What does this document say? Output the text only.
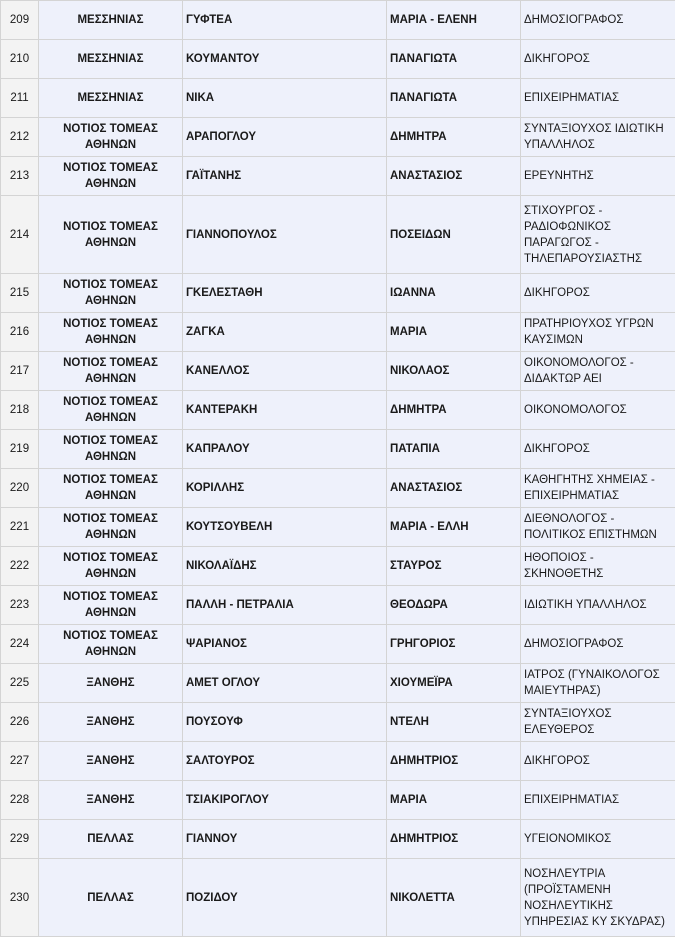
209	ΜΕΣΣΗΝΙΑΣ	ΓΥΦΤΕΑ	ΜΑΡΙΑ - ΕΛΕΝΗ	ΔΗΜΟΣΙΟΓΡΑΦΟΣ
210	ΜΕΣΣΗΝΙΑΣ	ΚΟΥΜΑΝΤΟΥ	ΠΑΝΑΓΙΩΤΑ	ΔΙΚΗΓΟΡΟΣ
211	ΜΕΣΣΗΝΙΑΣ	ΝΙΚΑ	ΠΑΝΑΓΙΩΤΑ	ΕΠΙΧΕΙΡΗΜΑΤΙΑΣ
212	ΝΟΤΙΟΣ ΤΟΜΕΑΣ ΑΘΗΝΩΝ	ΑΡΑΠΟΓΛΟΥ	ΔΗΜΗΤΡΑ	ΣΥΝΤΑΞΙΟΥΧΟΣ ΙΔΙΩΤΙΚΗ ΥΠΑΛΛΗΛΟΣ
213	ΝΟΤΙΟΣ ΤΟΜΕΑΣ ΑΘΗΝΩΝ	ΓΑΪΤΑΝΗΣ	ΑΝΑΣΤΑΣΙΟΣ	ΕΡΕΥΝΗΤΗΣ
214	ΝΟΤΙΟΣ ΤΟΜΕΑΣ ΑΘΗΝΩΝ	ΓΙΑΝΝΟΠΟΥΛΟΣ	ΠΟΣΕΙΔΩΝ	ΣΤΙΧΟΥΡΓΟΣ - ΡΑΔΙΟΦΩΝΙΚΟΣ ΠΑΡΑΓΩΓΟΣ - ΤΗΛΕΠΑΡΟΥΣΙΑΣΤΗΣ
215	ΝΟΤΙΟΣ ΤΟΜΕΑΣ ΑΘΗΝΩΝ	ΓΚΕΛΕΣΤΑΘΗ	ΙΩΑΝΝΑ	ΔΙΚΗΓΟΡΟΣ
216	ΝΟΤΙΟΣ ΤΟΜΕΑΣ ΑΘΗΝΩΝ	ΖΑΓΚΑ	ΜΑΡΙΑ	ΠΡΑΤΗΡΙΟΥΧΟΣ ΥΓΡΩΝ ΚΑΥΣΙΜΩΝ
217	ΝΟΤΙΟΣ ΤΟΜΕΑΣ ΑΘΗΝΩΝ	ΚΑΝΕΛΛΟΣ	ΝΙΚΟΛΑΟΣ	ΟΙΚΟΝΟΜΟΛΟΓΟΣ - ΔΙΔΑΚΤΩΡ ΑΕΙ
218	ΝΟΤΙΟΣ ΤΟΜΕΑΣ ΑΘΗΝΩΝ	ΚΑΝΤΕΡΑΚΗ	ΔΗΜΗΤΡΑ	ΟΙΚΟΝΟΜΟΛΟΓΟΣ
219	ΝΟΤΙΟΣ ΤΟΜΕΑΣ ΑΘΗΝΩΝ	ΚΑΠΡΑΛΟΥ	ΠΑΤΑΠΙΑ	ΔΙΚΗΓΟΡΟΣ
220	ΝΟΤΙΟΣ ΤΟΜΕΑΣ ΑΘΗΝΩΝ	ΚΟΡΙΛΛΗΣ	ΑΝΑΣΤΑΣΙΟΣ	ΚΑΘΗΓΗΤΗΣ ΧΗΜΕΙΑΣ - ΕΠΙΧΕΙΡΗΜΑΤΙΑΣ
221	ΝΟΤΙΟΣ ΤΟΜΕΑΣ ΑΘΗΝΩΝ	ΚΟΥΤΣΟΥΒΕΛΗ	ΜΑΡΙΑ - ΕΛΛΗ	ΔΙΕΘΝΟΛΟΓΟΣ - ΠΟΛΙΤΙΚΟΣ ΕΠΙΣΤΗΜΩΝ
222	ΝΟΤΙΟΣ ΤΟΜΕΑΣ ΑΘΗΝΩΝ	ΝΙΚΟΛΑΪΔΗΣ	ΣΤΑΥΡΟΣ	ΗΘΟΠΟΙΟΣ - ΣΚΗΝΟΘΕΤΗΣ
223	ΝΟΤΙΟΣ ΤΟΜΕΑΣ ΑΘΗΝΩΝ	ΠΑΛΛΗ - ΠΕΤΡΑΛΙΑ	ΘΕΟΔΩΡΑ	ΙΔΙΩΤΙΚΗ ΥΠΑΛΛΗΛΟΣ
224	ΝΟΤΙΟΣ ΤΟΜΕΑΣ ΑΘΗΝΩΝ	ΨΑΡΙΑΝΟΣ	ΓΡΗΓΟΡΙΟΣ	ΔΗΜΟΣΙΟΓΡΑΦΟΣ
225	ΞΑΝΘΗΣ	ΑΜΕΤ ΟΓΛΟΥ	ΧΙΟΥΜΕΪΡΑ	ΙΑΤΡΟΣ (ΓΥΝΑΙΚΟΛΟΓΟΣ ΜΑΙΕΥΤΗΡΑΣ)
226	ΞΑΝΘΗΣ	ΠΟΥΣΟΥΦ	ΝΤΕΛΗ	ΣΥΝΤΑΞΙΟΥΧΟΣ ΕΛΕΥΘΕΡΟΣ
227	ΞΑΝΘΗΣ	ΣΑΛΤΟΥΡΟΣ	ΔΗΜΗΤΡΙΟΣ	ΔΙΚΗΓΟΡΟΣ
228	ΞΑΝΘΗΣ	ΤΣΙΑΚΙΡΟΓΛΟΥ	ΜΑΡΙΑ	ΕΠΙΧΕΙΡΗΜΑΤΙΑΣ
229	ΠΕΛΛΑΣ	ΓΙΑΝΝΟΥ	ΔΗΜΗΤΡΙΟΣ	ΥΓΕΙΟΝΟΜΙΚΟΣ
230	ΠΕΛΛΑΣ	ΠΟΖΙΔΟΥ	ΝΙΚΟΛΕΤΤΑ	ΝΟΣΗΛΕΥΤΡΙΑ (ΠΡΟΪΣΤΑΜΕΝΗ ΝΟΣΗΛΕΥΤΙΚΗΣ ΥΠΗΡΕΣΙΑΣ ΚΥ ΣΚΥΔΡΑΣ)
